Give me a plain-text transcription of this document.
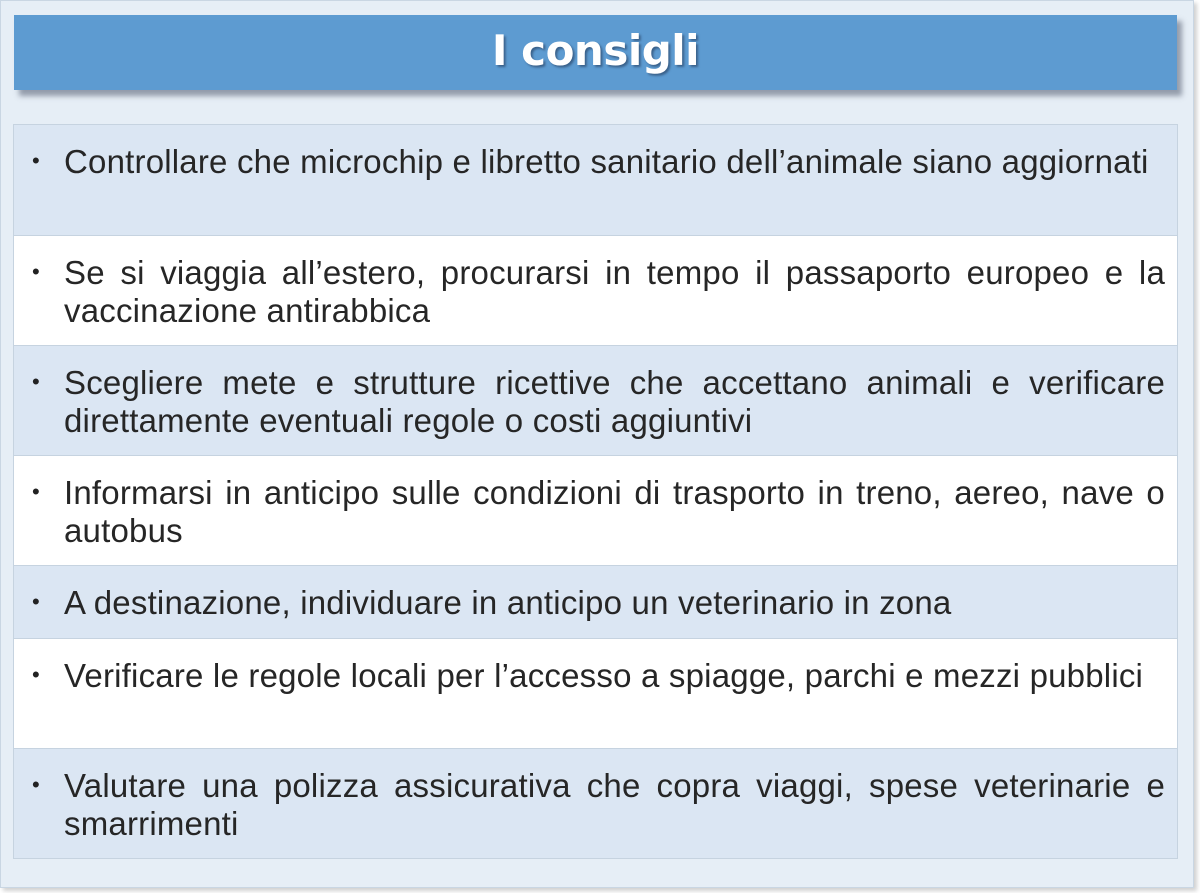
I consigli
• Controllare che microchip e libretto sanitario dell’animale siano aggiornati
• Se si viaggia all’estero, procurarsi in tempo il passaporto europeo e la vaccinazione antirabbica
• Scegliere mete e strutture ricettive che accettano animali e verificare direttamente eventuali regole o costi aggiuntivi
• Informarsi in anticipo sulle condizioni di trasporto in treno, aereo, nave o autobus
• A destinazione, individuare in anticipo un veterinario in zona
• Verificare le regole locali per l’accesso a spiagge, parchi e mezzi pubblici
• Valutare una polizza assicurativa che copra viaggi, spese veterinarie e smarrimenti
